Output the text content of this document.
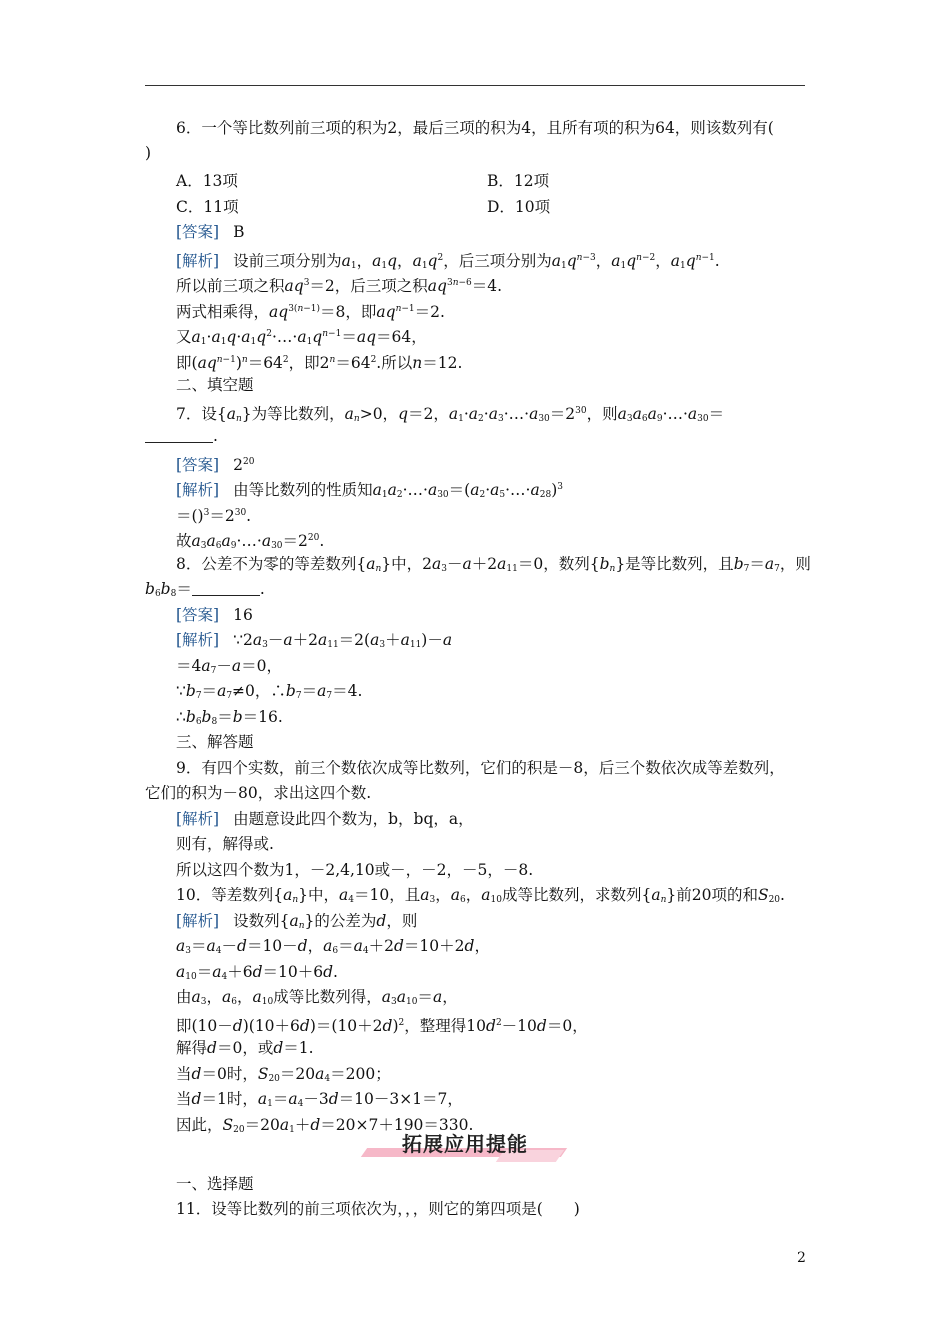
6．一个等比数列前三项的积为2，最后三项的积为4，且所有项的积为64，则该数列有(
)
A．13项	B．12项
C．11项	D．10项
[答案] B
[解析] 设前三项分别为$a_1$，$a_1q$，$a_1q^2$，后三项分别为$a_1q^{n-3}$，$a_1q^{n-2}$，$a_1q^{n-1}$.
所以前三项之积$aq^3=2$，后三项之积$aq^{3n-6}=4$.
两式相乘得，$aq^{3(n-1)}=8$，即$aq^{n-1}=2$.
又$a_1\cdot a_1q\cdot a_1q^2\cdot\dots\cdot a_1q^{n-1}=aq=64$，
即$(aq^{n-1})^n=64^2$，即$2^n=64^2$.所以n＝12.
二、填空题
7．设$\{a_n\}$为等比数列，$a_n>0$，q＝2，$a_1\cdot a_2\cdot a_3\cdot\dots\cdot a_{30}=2^{30}$，则$a_3a_6a_9\cdot\dots\cdot a_{30}=$
.
[答案] $2^{20}$
[解析] 由等比数列的性质知$a_1a_2\cdot\dots\cdot a_{30}=(a_2\cdot a_5\cdot\dots\cdot a_{28})^3$
$=()^3=2^{30}$.
故$a_3a_6a_9\cdot\dots\cdot a_{30}=2^{20}$.
8．公差不为零的等差数列$\{a_n\}$中，$2a_3-a+2a_{11}=0$，数列$\{b_n\}$是等比数列，且$b_7=a_7$，则
$b_6b_8=$	.
[答案] 16
[解析] $\because 2a_3-a+2a_{11}=2(a_3+a_{11})-a$
$=4a_7-a=0$，
$\because b_7=a_7\ne 0$，$\therefore b_7=a_7=4$.
$\therefore b_6b_8=b=16$.
三、解答题
9．有四个实数，前三个数依次成等比数列，它们的积是－8，后三个数依次成等差数列，
它们的积为－80，求出这四个数.
[解析] 由题意设此四个数为，b，bq，a，
则有，解得或.
所以这四个数为1，－2,4,10或－，－2，－5，－8.
10．等差数列$\{a_n\}$中，$a_4=10$，且$a_3$，$a_6$，$a_{10}$成等比数列，求数列$\{a_n\}$前20项的和$S_{20}$.
[解析] 设数列$\{a_n\}$的公差为d，则
$a_3=a_4-d=10-d$，$a_6=a_4+2d=10+2d$，
$a_{10}=a_4+6d=10+6d$.
由$a_3$，$a_6$，$a_{10}$成等比数列得，$a_3a_{10}=a$，
即$(10-d)(10+6d)=(10+2d)^2$，整理得$10d^2-10d=0$，
解得d＝0，或d＝1.
当d＝0时，$S_{20}=20a_4=200$；
当d＝1时，$a_1=a_4-3d=10-3\times 1=7$，
因此，$S_{20}=20a_1+d=20\times 7+190=330$.
一、选择题
11．设等比数列的前三项依次为，，，则它的第四项是(　　)
拓展应用提能
2
